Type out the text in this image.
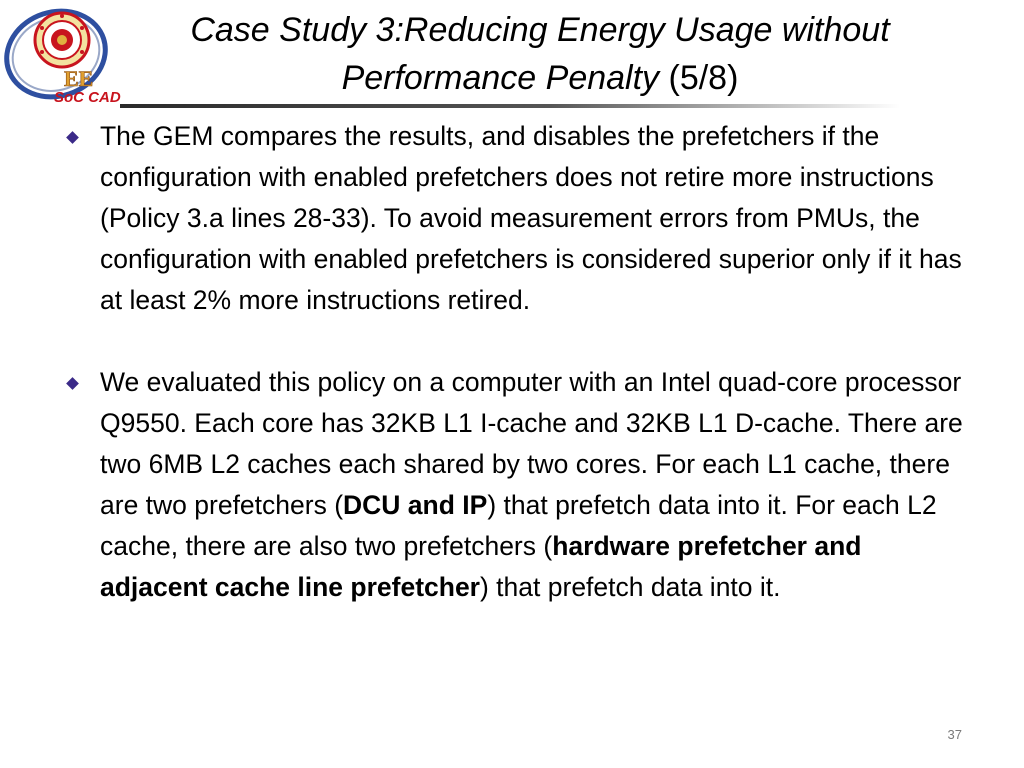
EE
SoC CAD
Case Study 3:Reducing Energy Usage without Performance Penalty (5/8)
The GEM compares the results, and disables the prefetchers if the configuration with enabled prefetchers does not retire more instructions (Policy 3.a lines 28-33). To avoid measurement errors from PMUs, the configuration with enabled prefetchers is considered superior only if it has at least 2% more instructions retired.
We evaluated this policy on a computer with an Intel quad-core processor Q9550. Each core has 32KB L1 I-cache and 32KB L1 D-cache. There are two 6MB L2 caches each shared by two cores. For each L1 cache, there are two prefetchers (DCU and IP) that prefetch data into it. For each L2 cache, there are also two prefetchers (hardware prefetcher and adjacent cache line prefetcher) that prefetch data into it.
37
